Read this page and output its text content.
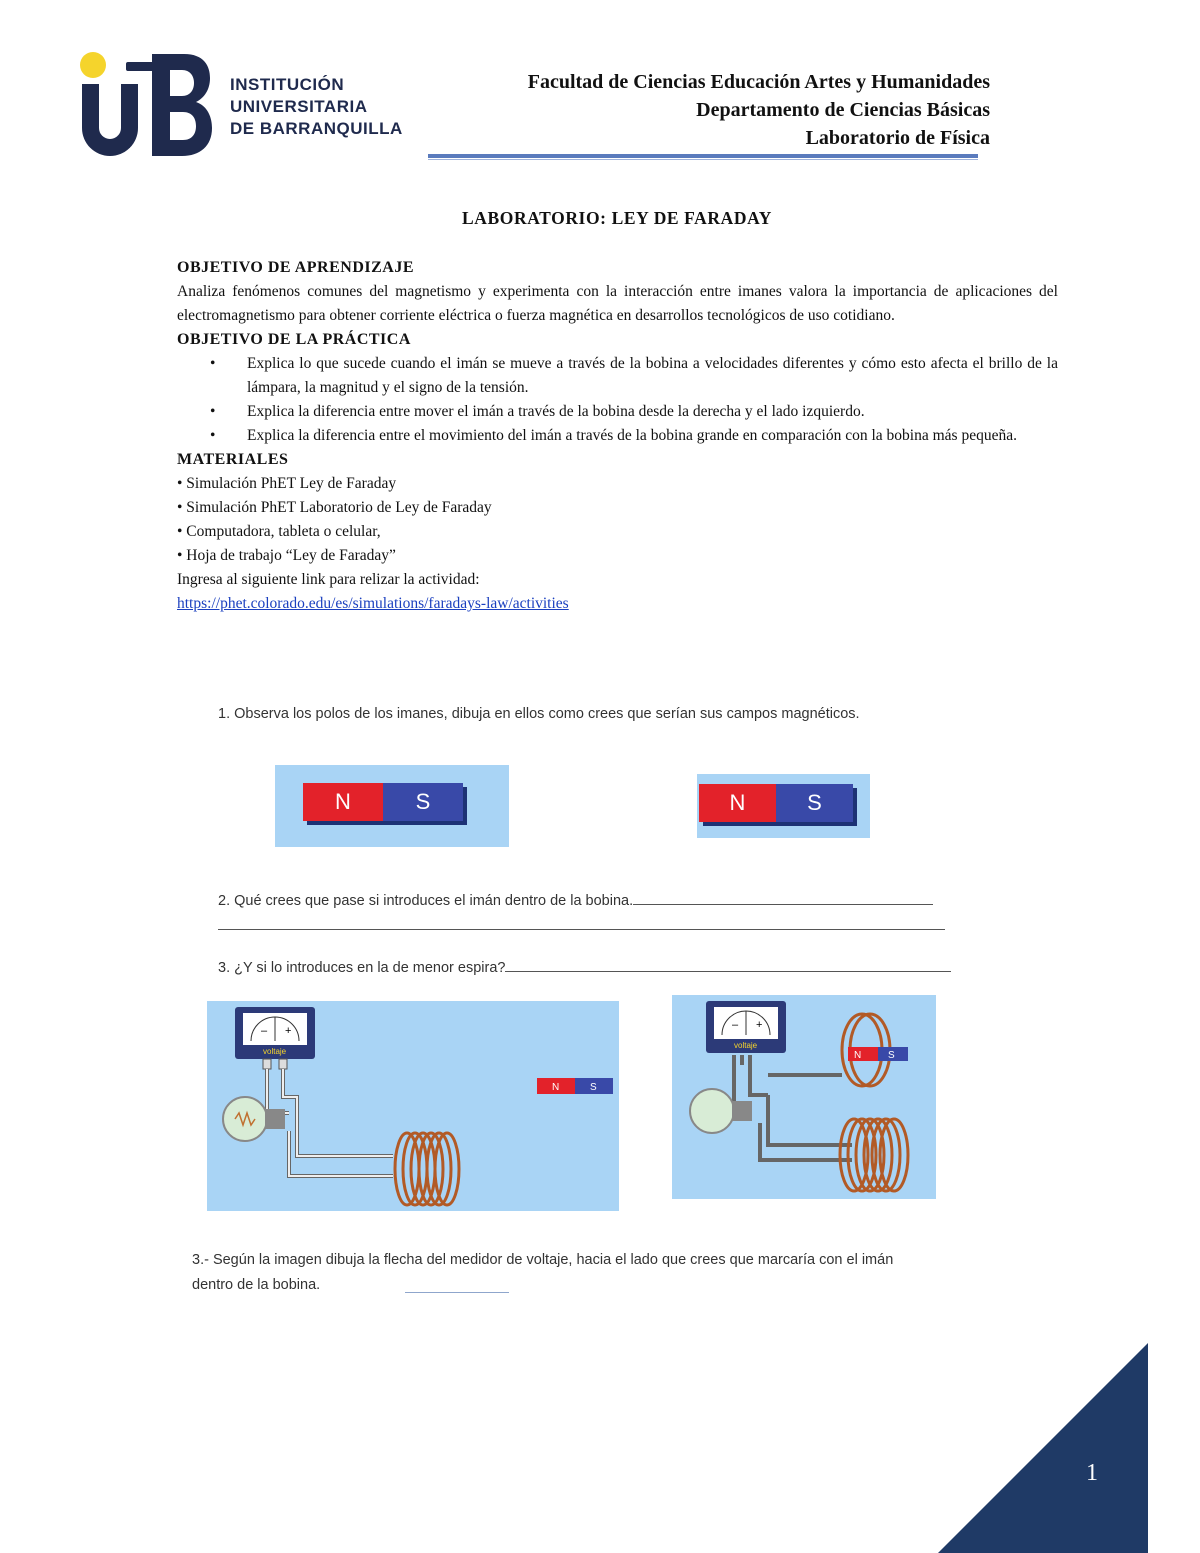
INSTITUCIÓN
UNIVERSITARIA
DE BARRANQUILLA
Facultad de Ciencias Educación Artes y Humanidades
Departamento de Ciencias Básicas
Laboratorio de Física
LABORATORIO: LEY DE FARADAY
OBJETIVO DE APRENDIZAJE
Analiza fenómenos comunes del magnetismo y experimenta con la interacción entre imanes valora la importancia de aplicaciones del electromagnetismo para obtener corriente eléctrica o fuerza magnética en desarrollos tecnológicos de uso cotidiano.
OBJETIVO DE LA PRÁCTICA
• Explica lo que sucede cuando el imán se mueve a través de la bobina a velocidades diferentes y cómo esto afecta el brillo de la lámpara, la magnitud y el signo de la tensión.
• Explica la diferencia entre mover el imán a través de la bobina desde la derecha y el lado izquierdo.
• Explica la diferencia entre el movimiento del imán a través de la bobina grande en comparación con la bobina más pequeña.
MATERIALES
• Simulación PhET Ley de Faraday
• Simulación PhET Laboratorio de Ley de Faraday
• Computadora, tableta o celular,
• Hoja de trabajo “Ley de Faraday”
Ingresa al siguiente link para relizar la actividad:
https://phet.colorado.edu/es/simulations/faradays-law/activities
1. Observa los polos de los imanes, dibuja en ellos como crees que serían sus campos magnéticos.
N	S	N	S
2. Qué crees que pase si introduces el imán dentro de la bobina.
3. ¿Y si lo introduces en la de menor espira?
– +
voltaje
N	S
– +
voltaje
N	S
3.- Según la imagen dibuja la flecha del medidor de voltaje, hacia el lado que crees que marcaría con el imán
dentro de la bobina.
1
